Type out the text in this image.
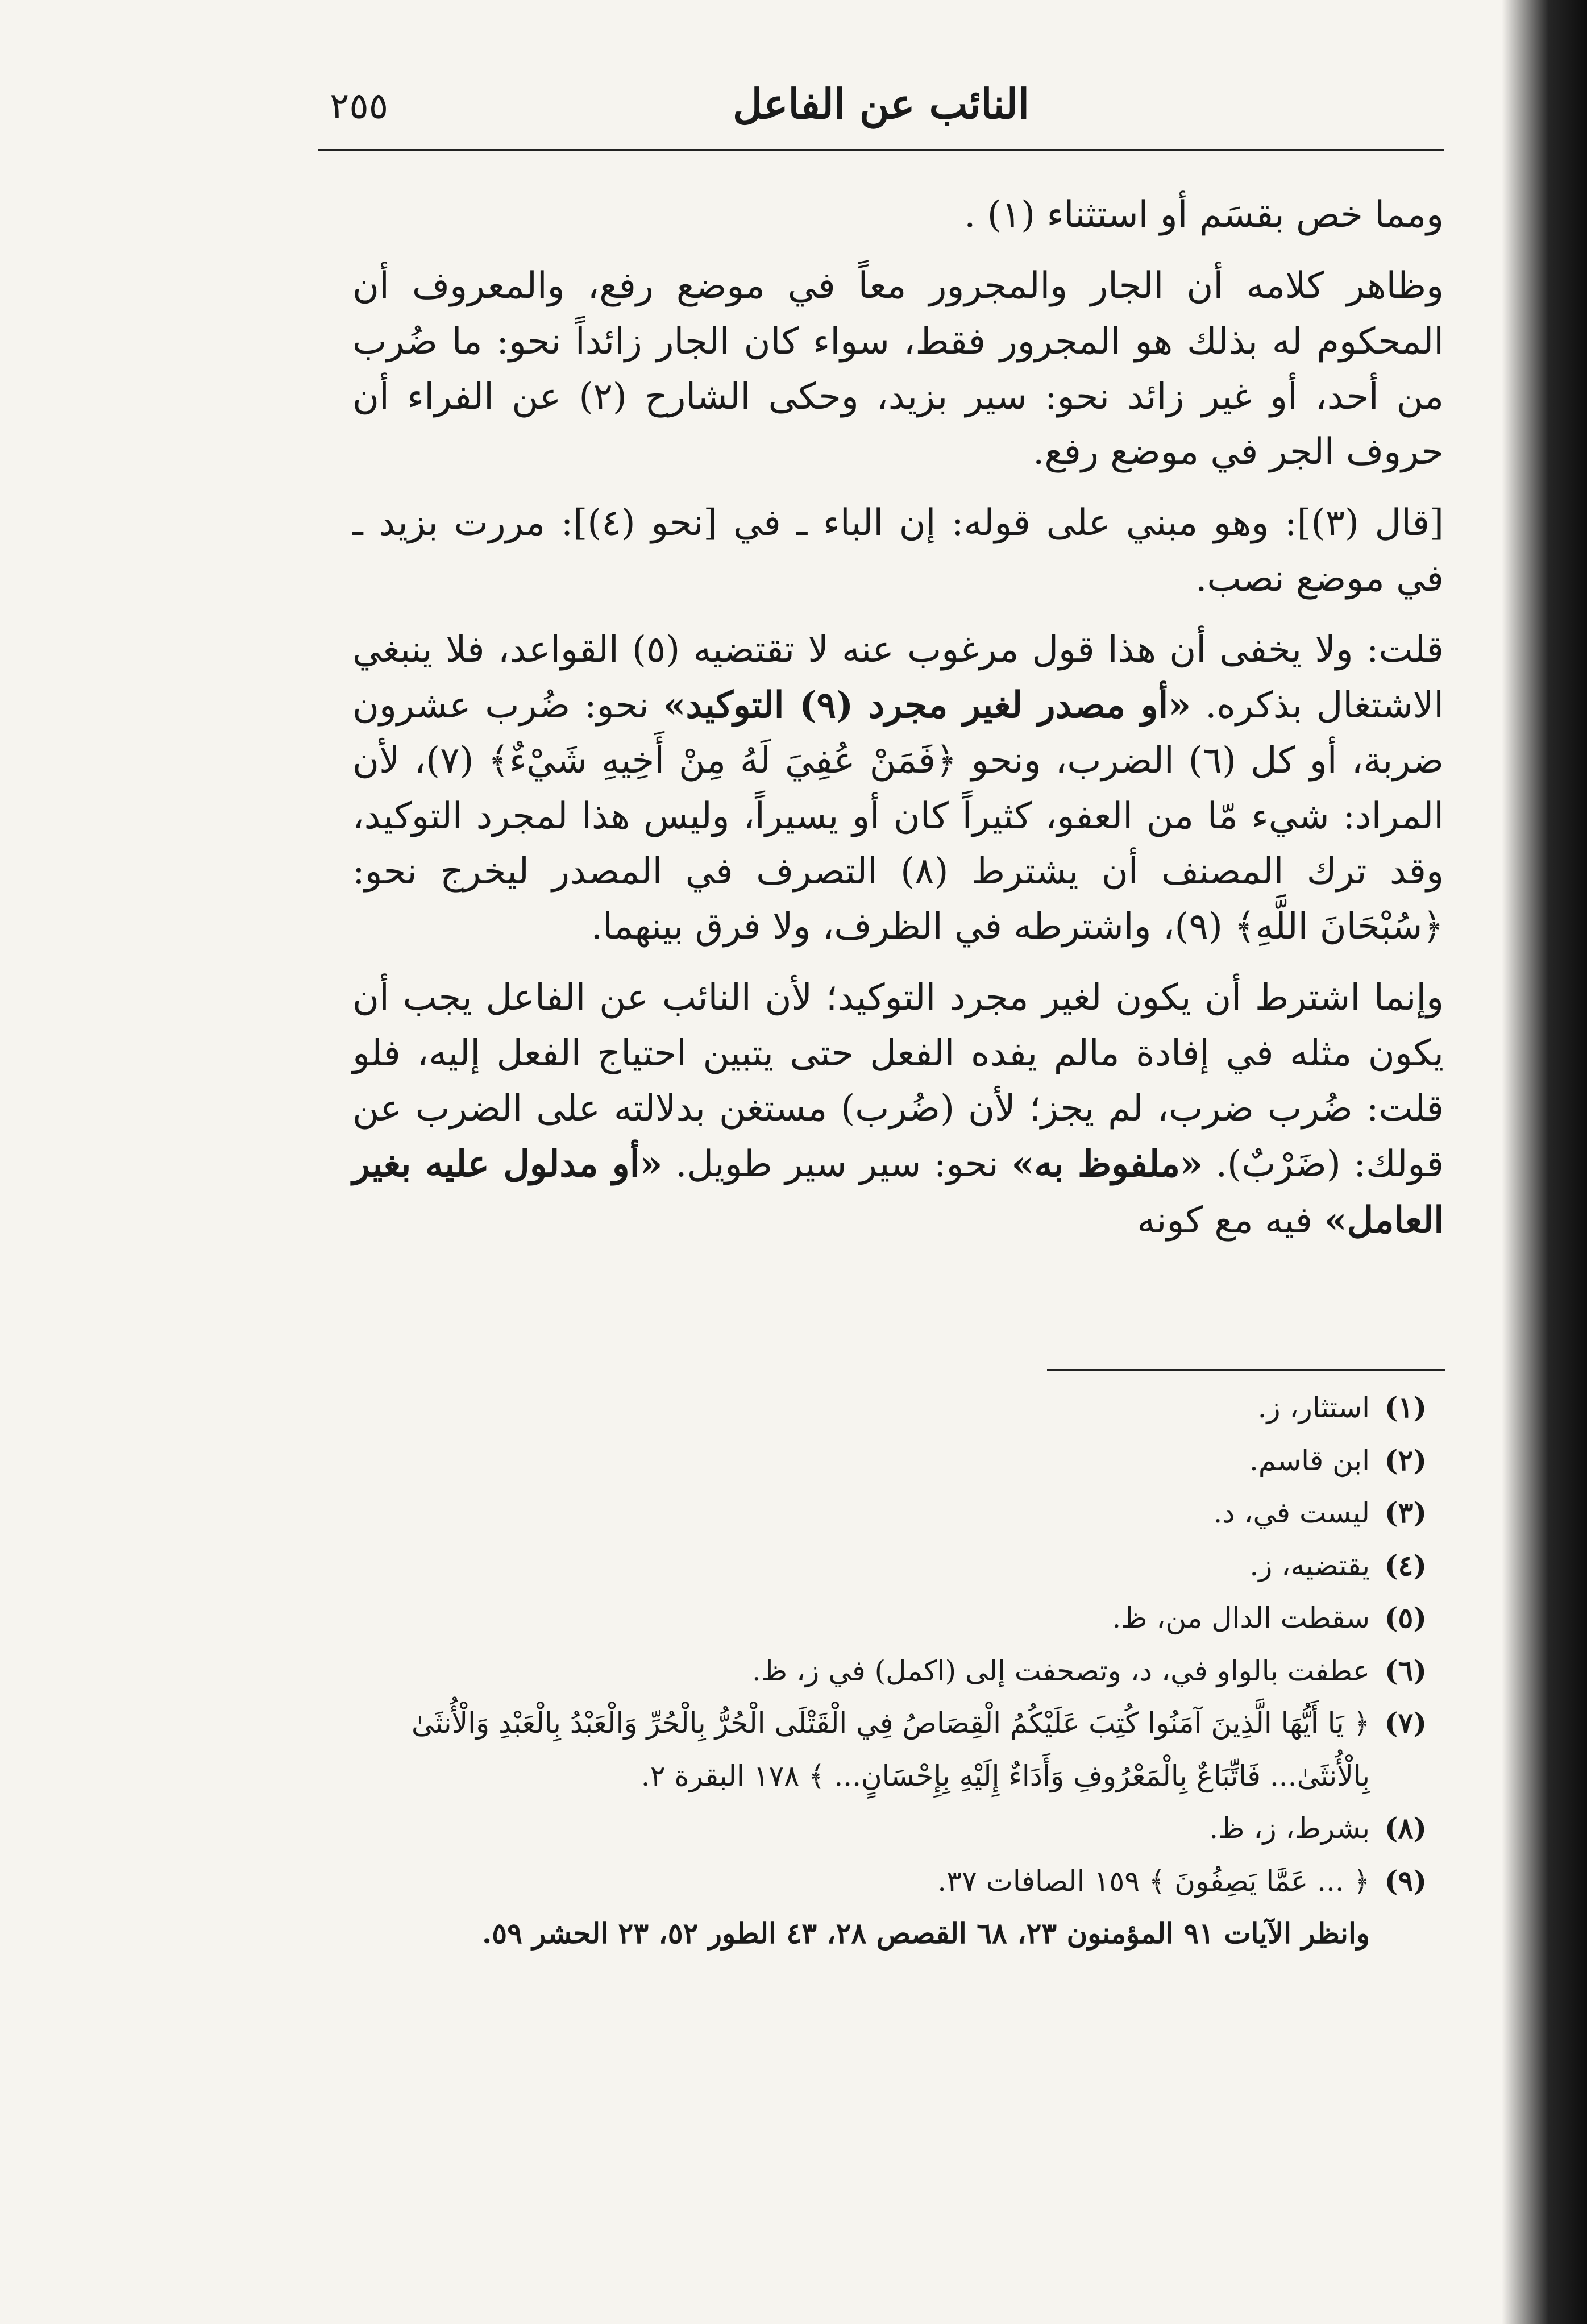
٢٥٥	النائب عن الفاعل

ومما خص بقسَم أو استثناء (١) .

وظاهر كلامه أن الجار والمجرور معاً في موضع رفع، والمعروف أن المحكوم له بذلك هو المجرور فقط، سواء كان الجار زائداً نحو: ما ضُرب من أحد، أو غير زائد نحو: سير بزيد، وحكى الشارح (٢) عن الفراء أن حروف الجر في موضع رفع.

[قال (٣)]: وهو مبني على قوله: إن الباء ـ في [نحو (٤)]: مررت بزيد ـ في موضع نصب.

قلت: ولا يخفى أن هذا قول مرغوب عنه لا تقتضيه (٥) القواعد، فلا ينبغي الاشتغال بذكره. «أو مصدر لغير مجرد (٩) التوكيد» نحو: ضُرب عشرون ضربة، أو كل (٦) الضرب، ونحو ﴿فَمَنْ عُفِيَ لَهُ مِنْ أَخِيهِ شَيْءٌ﴾ (٧)، لأن المراد: شيء مّا من العفو، كثيراً كان أو يسيراً، وليس هذا لمجرد التوكيد، وقد ترك المصنف أن يشترط (٨) التصرف في المصدر ليخرج نحو: ﴿سُبْحَانَ اللَّهِ﴾ (٩)، واشترطه في الظرف، ولا فرق بينهما.

وإنما اشترط أن يكون لغير مجرد التوكيد؛ لأن النائب عن الفاعل يجب أن يكون مثله في إفادة مالم يفده الفعل حتى يتبين احتياج الفعل إليه، فلو قلت: ضُرب ضرب، لم يجز؛ لأن (ضُرب) مستغن بدلالته على الضرب عن قولك: (ضَرْبٌ). «ملفوظ به» نحو: سير سير طويل. «أو مدلول عليه بغير العامل» فيه مع كونه

(١)
استثار، ز.
(٢)
ابن قاسم.
(٣)
ليست في، د.
(٤)
يقتضيه، ز.
(٥)
سقطت الدال من، ظ.
(٦)
عطفت بالواو في، د، وتصحفت إلى (اكمل) في ز، ظ.
(٧)
﴿ يَا أَيُّهَا الَّذِينَ آمَنُوا كُتِبَ عَلَيْكُمُ الْقِصَاصُ فِي الْقَتْلَى الْحُرُّ بِالْحُرِّ وَالْعَبْدُ بِالْعَبْدِ وَالْأُنثَىٰ بِالْأُنثَىٰ... فَاتِّبَاعٌ بِالْمَعْرُوفِ وَأَدَاءٌ إِلَيْهِ بِإِحْسَانٍ... ﴾ ١٧٨ البقرة ٢.
(٨)
بشرط، ز، ظ.
(٩)
﴿ ... عَمَّا يَصِفُونَ ﴾ ١٥٩ الصافات ٣٧.
وانظر الآيات ٩١ المؤمنون ٢٣، ٦٨ القصص ٢٨، ٤٣ الطور ٥٢، ٢٣ الحشر ٥٩.
